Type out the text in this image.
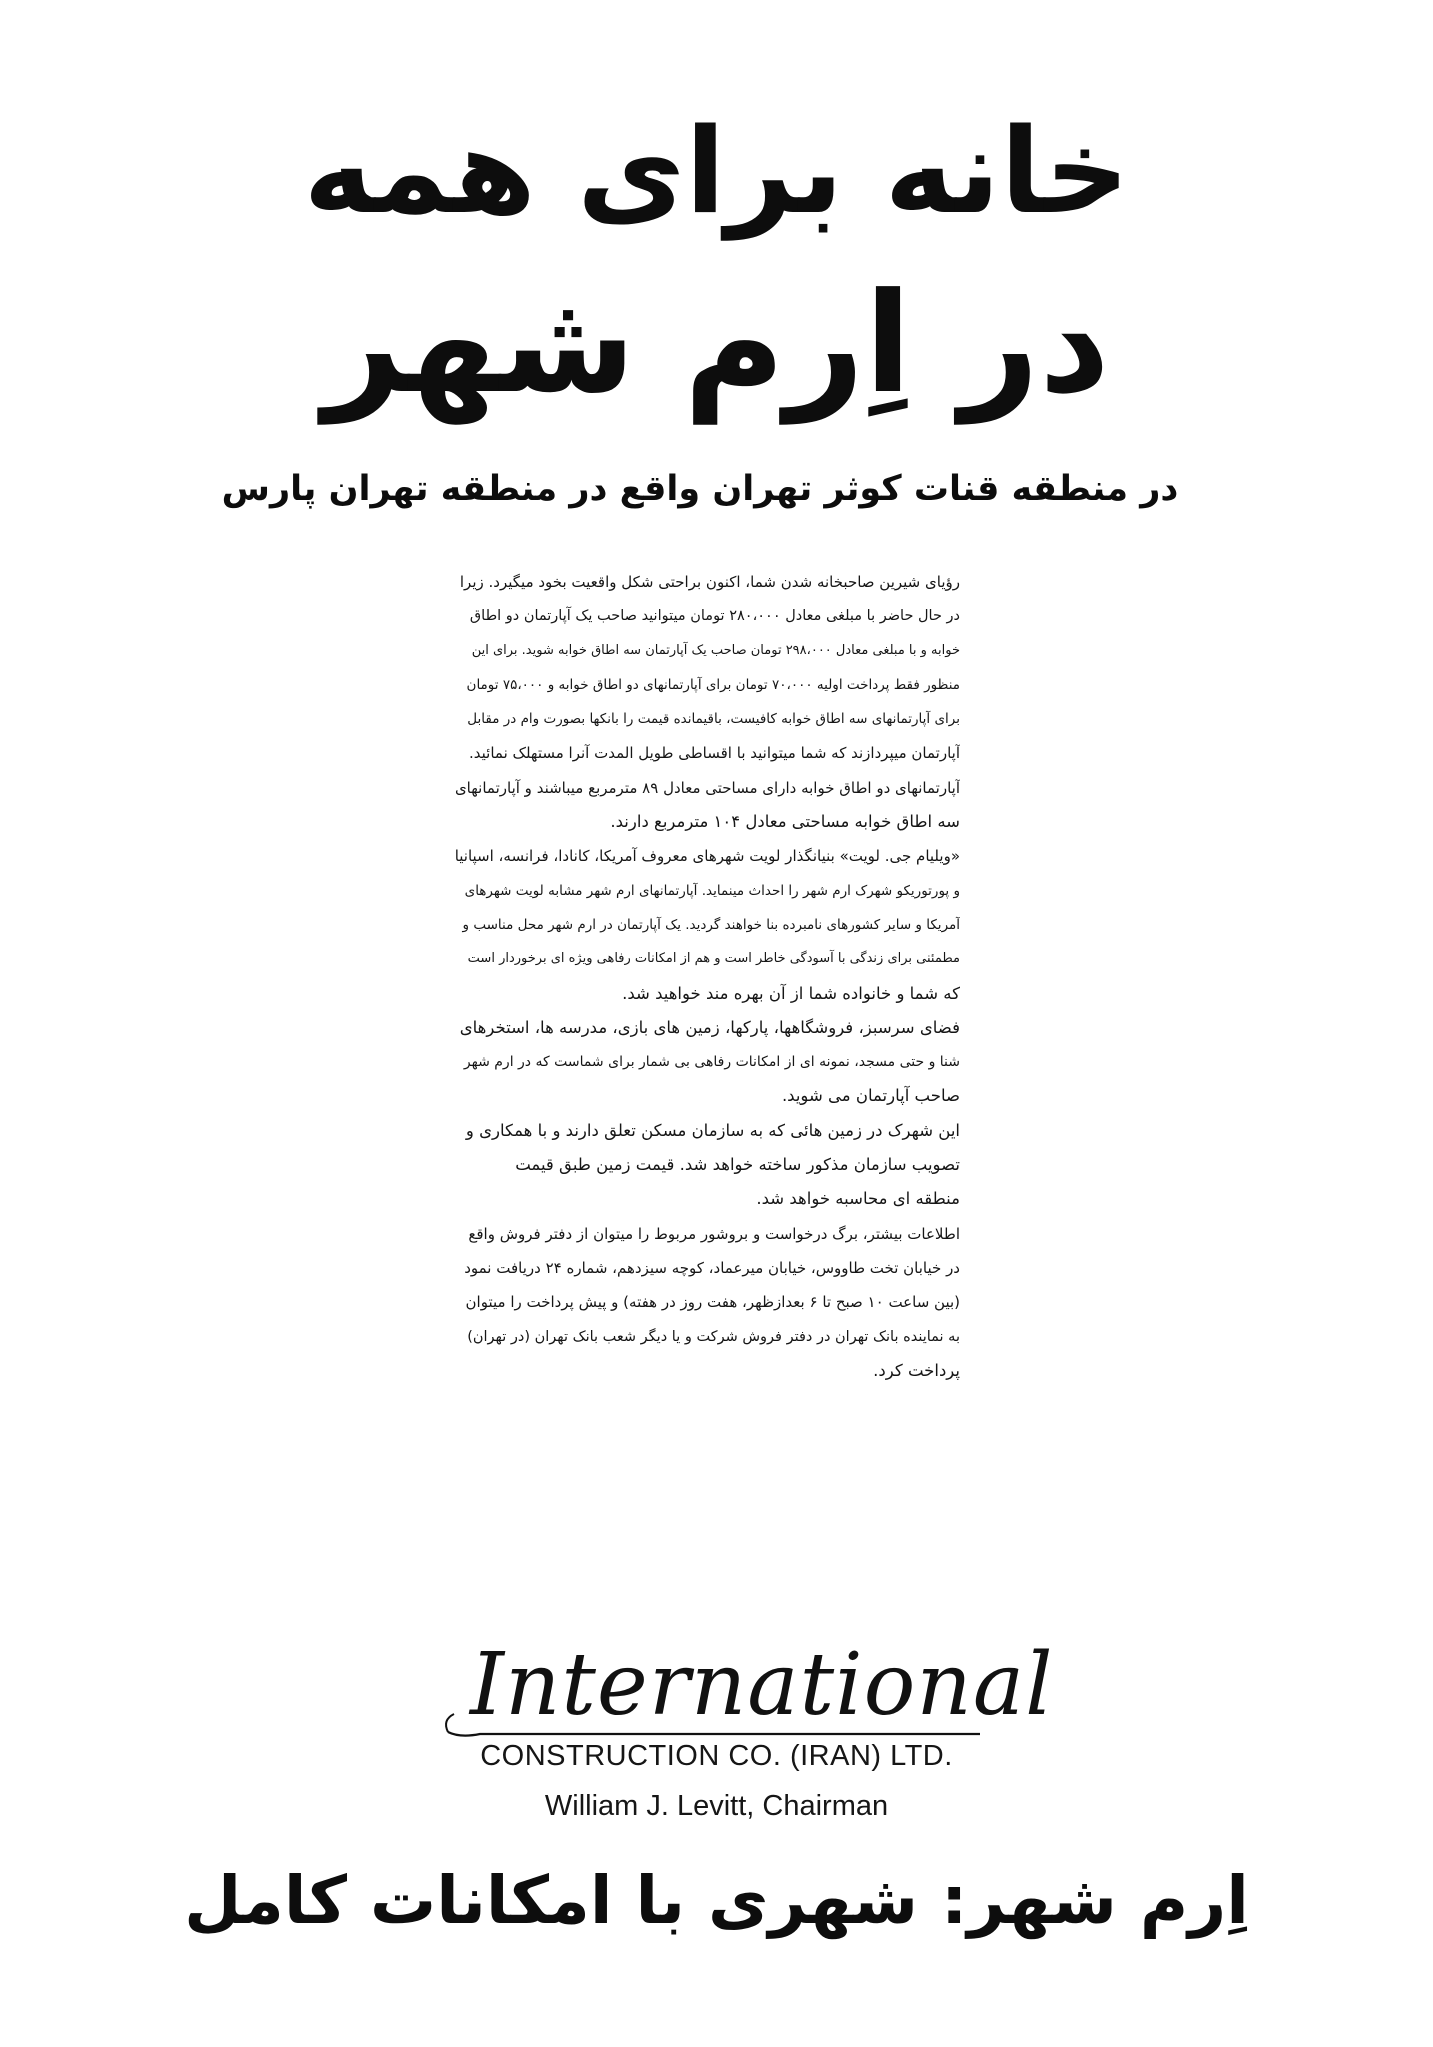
خانه برای همه
در اِرم شهر
در منطقه قنات کوثر تهران واقع در منطقه تهران پارس
رؤیای شیرین صاحبخانه شدن شما، اکنون براحتی شکل واقعیت بخود میگیرد. زیرا
در حال حاضر با مبلغی معادل ۲۸۰،۰۰۰ تومان میتوانید صاحب یک آپارتمان دو اطاق
خوابه و با مبلغی معادل ۲۹۸،۰۰۰ تومان صاحب یک آپارتمان سه اطاق خوابه شوید. برای این
منظور فقط پرداخت اولیه ۷۰،۰۰۰ تومان برای آپارتمانهای دو اطاق خوابه و ۷۵،۰۰۰ تومان
برای آپارتمانهای سه اطاق خوابه کافیست، باقیمانده قیمت را بانکها بصورت وام در مقابل
آپارتمان میپردازند که شما میتوانید با اقساطی طویل المدت آنرا مستهلک نمائید.
آپارتمانهای دو اطاق خوابه دارای مساحتی معادل ۸۹ مترمربع میباشند و آپارتمانهای
سه اطاق خوابه مساحتی معادل ۱۰۴ مترمربع دارند.
«ویلیام جی. لویت» بنیانگذار لویت شهرهای معروف آمریکا، کانادا، فرانسه، اسپانیا
و پورتوریکو شهرک ارم شهر را احداث مینماید. آپارتمانهای ارم شهر مشابه لویت شهرهای
آمریکا و سایر کشورهای نامبرده بنا خواهند گردید. یک آپارتمان در ارم شهر محل مناسب و
مطمئنی برای زندگی با آسودگی خاطر است و هم از امکانات رفاهی ویژه ای برخوردار است
که شما و خانواده شما از آن بهره مند خواهید شد.
فضای سرسبز، فروشگاهها، پارکها، زمین های بازی، مدرسه ها، استخرهای
شنا و حتی مسجد، نمونه ای از امکانات رفاهی بی شمار برای شماست که در ارم شهر
صاحب آپارتمان می شوید.
این شهرک در زمین هائی که به سازمان مسکن تعلق دارند و با همکاری و
تصویب سازمان مذکور ساخته خواهد شد. قیمت زمین طبق قیمت
منطقه ای محاسبه خواهد شد.
اطلاعات بیشتر، برگ درخواست و بروشور مربوط را میتوان از دفتر فروش واقع
در خیابان تخت طاووس، خیابان میرعماد، کوچه سیزدهم، شماره ۲۴ دریافت نمود
(بین ساعت ۱۰ صبح تا ۶ بعدازظهر، هفت روز در هفته) و پیش پرداخت را میتوان
به نماینده بانک تهران در دفتر فروش شرکت و یا دیگر شعب بانک تهران (در تهران)
پرداخت کرد.
International
CONSTRUCTION CO. (IRAN) LTD.
William J. Levitt, Chairman
اِرم شهر: شهری با امکانات کامل
